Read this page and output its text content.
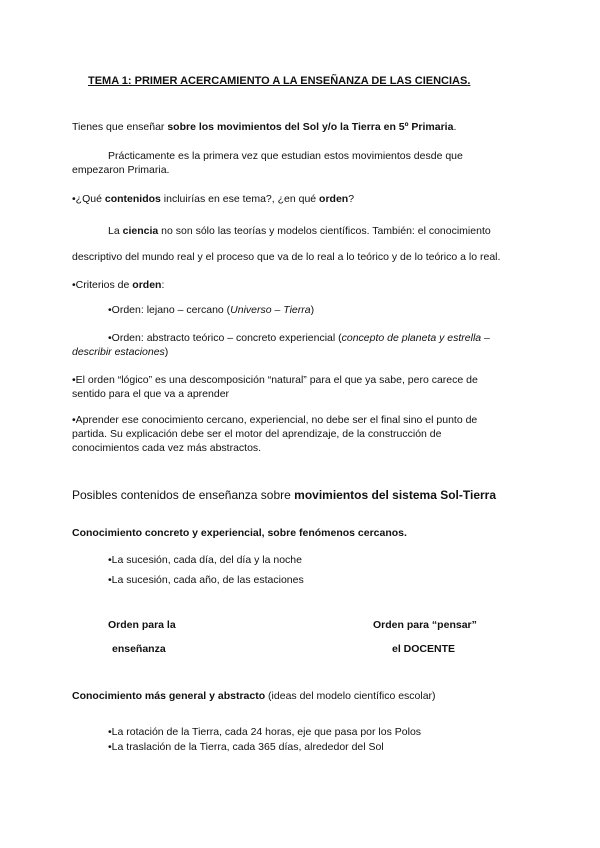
TEMA 1: PRIMER ACERCAMIENTO A LA ENSEÑANZA DE LAS CIENCIAS.
Tienes que enseñar sobre los movimientos del Sol y/o la Tierra en 5º Primaria.
Prácticamente es la primera vez que estudian estos movimientos desde que
empezaron Primaria.
•¿Qué contenidos incluirías en ese tema?, ¿en qué orden?
La ciencia no son sólo las teorías y modelos científicos. También: el conocimiento
descriptivo del mundo real y el proceso que va de lo real a lo teórico y de lo teórico a lo real.
•Criterios de orden:
•Orden: lejano – cercano (Universo – Tierra)
•Orden: abstracto teórico – concreto experiencial (concepto de planeta y estrella –
describir estaciones)
•El orden “lógico” es una descomposición “natural” para el que ya sabe, pero carece de
sentido para el que va a aprender
•Aprender ese conocimiento cercano, experiencial, no debe ser el final sino el punto de
partida. Su explicación debe ser el motor del aprendizaje, de la construcción de
conocimientos cada vez más abstractos.
Posibles contenidos de enseñanza sobre movimientos del sistema Sol-Tierra
Conocimiento concreto y experiencial, sobre fenómenos cercanos.
•La sucesión, cada día, del día y la noche
•La sucesión, cada año, de las estaciones
Orden para la
enseñanza
Orden para “pensar”
el DOCENTE
Conocimiento más general y abstracto (ideas del modelo científico escolar)
•La rotación de la Tierra, cada 24 horas, eje que pasa por los Polos
•La traslación de la Tierra, cada 365 días, alrededor del Sol
